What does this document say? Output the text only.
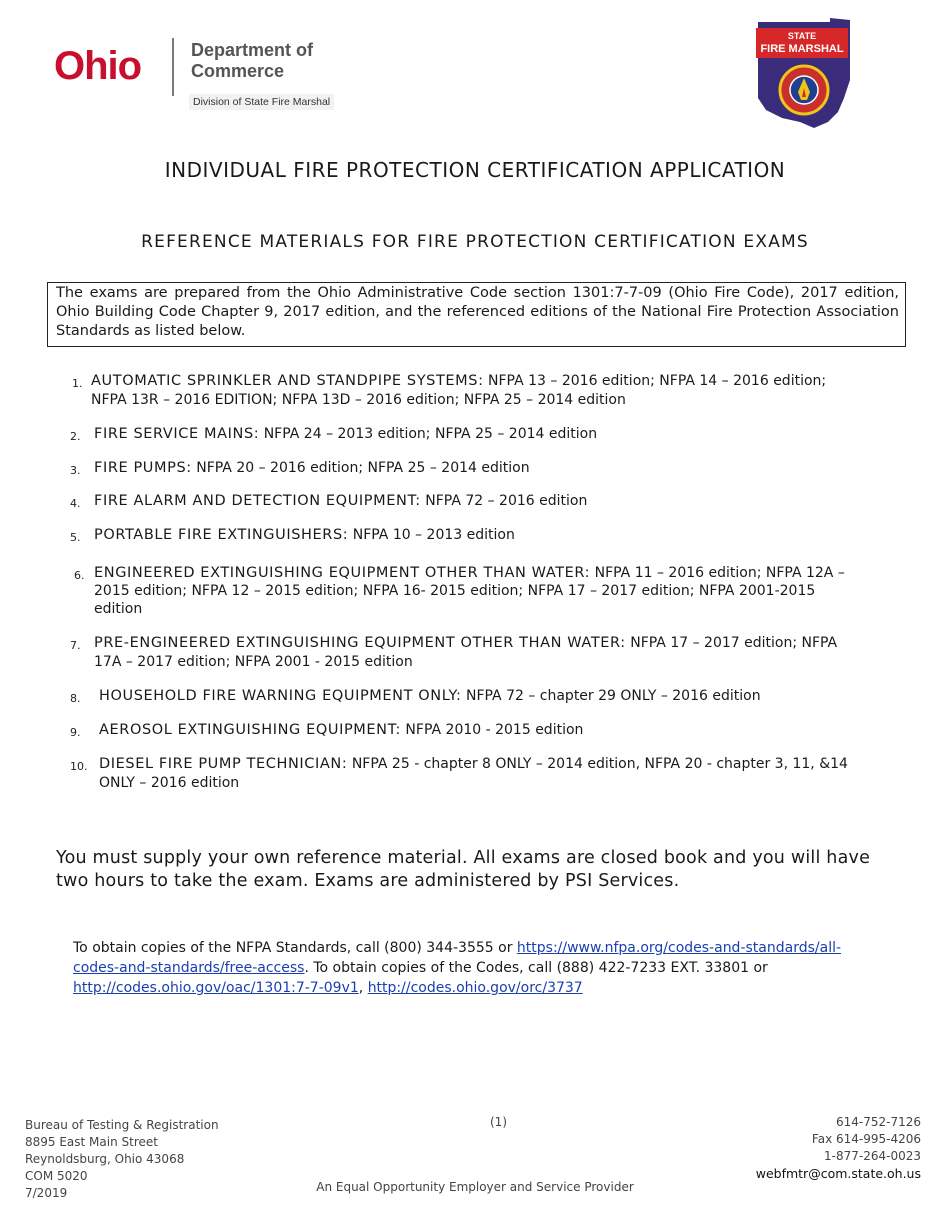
Ohio	Department of Commerce
Division of State Fire Marshal
STATE
FIRE MARSHAL
INDIVIDUAL FIRE PROTECTION CERTIFICATION APPLICATION
REFERENCE MATERIALS FOR FIRE PROTECTION CERTIFICATION EXAMS
The exams are prepared from the Ohio Administrative Code section 1301:7-7-09 (Ohio Fire Code), 2017 edition, Ohio Building Code Chapter 9, 2017 edition, and the referenced editions of the National Fire Protection Association Standards as listed below.
1. AUTOMATIC SPRINKLER AND STANDPIPE SYSTEMS: NFPA 13 – 2016 edition; NFPA 14 – 2016 edition; NFPA 13R – 2016 EDITION; NFPA 13D – 2016 edition; NFPA 25 – 2014 edition
2. FIRE SERVICE MAINS: NFPA 24 – 2013 edition; NFPA 25 – 2014 edition
3. FIRE PUMPS: NFPA 20 – 2016 edition; NFPA 25 – 2014 edition
4. FIRE ALARM AND DETECTION EQUIPMENT: NFPA 72 – 2016 edition
5. PORTABLE FIRE EXTINGUISHERS: NFPA 10 – 2013 edition
6. ENGINEERED EXTINGUISHING EQUIPMENT OTHER THAN WATER: NFPA 11 – 2016 edition; NFPA 12A – 2015 edition; NFPA 12 – 2015 edition; NFPA 16- 2015 edition; NFPA 17 – 2017 edition; NFPA 2001-2015 edition
7. PRE-ENGINEERED EXTINGUISHING EQUIPMENT OTHER THAN WATER: NFPA 17 – 2017 edition; NFPA 17A – 2017 edition; NFPA 2001 - 2015 edition
8. HOUSEHOLD FIRE WARNING EQUIPMENT ONLY: NFPA 72 – chapter 29 ONLY – 2016 edition
9. AEROSOL EXTINGUISHING EQUIPMENT: NFPA 2010 - 2015 edition
10. DIESEL FIRE PUMP TECHNICIAN: NFPA 25 - chapter 8 ONLY – 2014 edition, NFPA 20 - chapter 3, 11, &14 ONLY – 2016 edition
You must supply your own reference material. All exams are closed book and you will have two hours to take the exam. Exams are administered by PSI Services.
To obtain copies of the NFPA Standards, call (800) 344-3555 or https://www.nfpa.org/codes-and-standards/all-codes-and-standards/free-access. To obtain copies of the Codes, call (888) 422-7233 EXT. 33801 or http://codes.ohio.gov/oac/1301:7-7-09v1, http://codes.ohio.gov/orc/3737
Bureau of Testing & Registration
8895 East Main Street
Reynoldsburg, Ohio 43068
COM 5020
7/2019
(1)
An Equal Opportunity Employer and Service Provider
614-752-7126
Fax 614-995-4206
1-877-264-0023
webfmtr@com.state.oh.us
